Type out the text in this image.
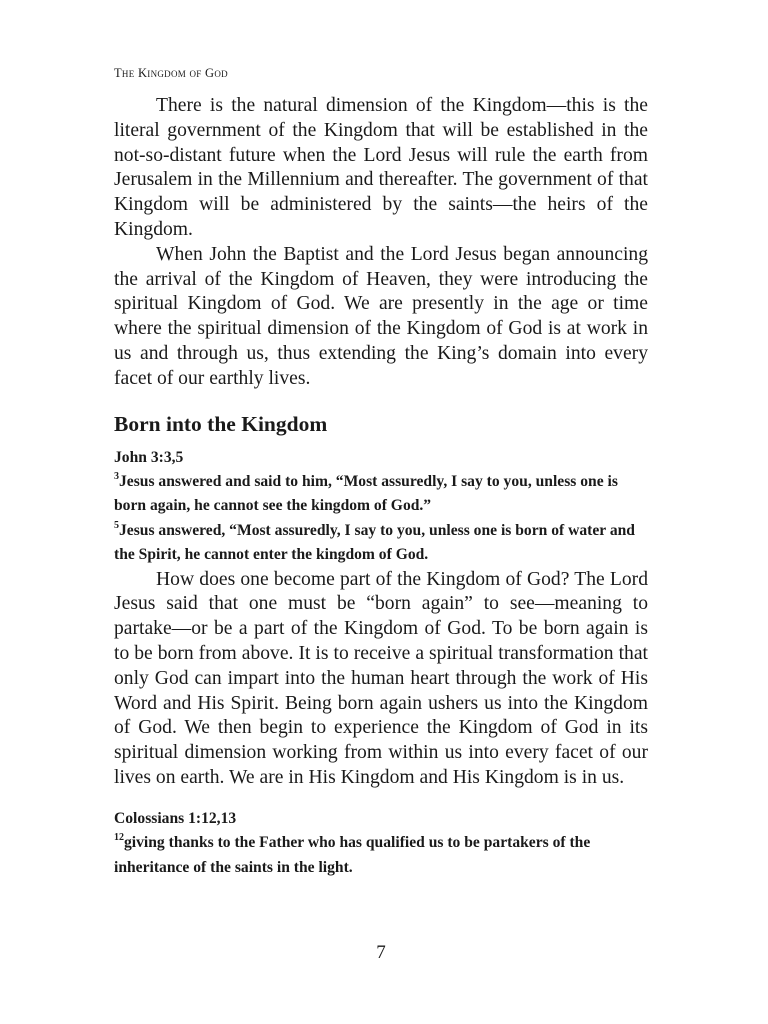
The Kingdom of God

There is the natural dimension of the Kingdom—this is the literal government of the Kingdom that will be established in the not-so-distant future when the Lord Jesus will rule the earth from Jerusalem in the Millennium and thereafter. The government of that Kingdom will be administered by the saints—the heirs of the Kingdom.

When John the Baptist and the Lord Jesus began announcing the arrival of the Kingdom of Heaven, they were introducing the spiritual Kingdom of God. We are presently in the age or time where the spiritual dimension of the Kingdom of God is at work in us and through us, thus extending the King’s domain into every facet of our earthly lives.

Born into the Kingdom
John 3:3,5
$^3$Jesus answered and said to him, “Most assuredly, I say to you, unless one is born again, he cannot see the kingdom of God.”
$^5$Jesus answered, “Most assuredly, I say to you, unless one is born of water and the Spirit, he cannot enter the kingdom of God.

How does one become part of the Kingdom of God? The Lord Jesus said that one must be “born again” to see—meaning to partake—or be a part of the Kingdom of God. To be born again is to be born from above. It is to receive a spiritual transformation that only God can impart into the human heart through the work of His Word and His Spirit. Being born again ushers us into the Kingdom of God. We then begin to experience the Kingdom of God in its spiritual dimension working from within us into every facet of our lives on earth. We are in His Kingdom and His Kingdom is in us.

Colossians 1:12,13
$^{12}$giving thanks to the Father who has qualified us to be partakers of the inheritance of the saints in the light.
7
